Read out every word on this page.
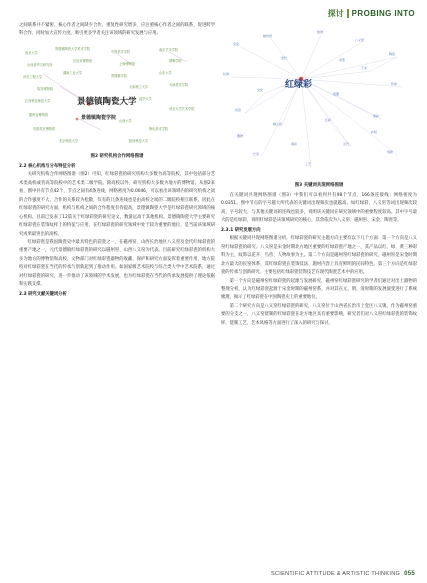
探讨 PROBING INTO

之间联系并不紧密，核心作者之间缺少合作，重复性研究增多，应注重核心作者之间的联系，促进跨学科合作，同时加大宣传力度，吸引更多学者关注该领域的研究发展与应用。

西北大学
景德镇陶瓷大学美术学院
中国美术学院	南京艺术学院
山西省考古研究所
长治市博物馆
上海博物馆
邯郸学院
河北工程大学
湖南工业大学
景德镇学院
山东大学
故宫博物院	太原理工大学	天津美术学院
江西科技师范大学	清华大学
河北大学艺术学院
磁州窑博物馆
山西大学
沈阳故宫博物院	鲁迅美术学院
北京师范大学	陕西科技大学
景德镇陶瓷大学
景德镇陶瓷学院
图2 研究机构合作网络图谱

2.2 核心机构与分布特征分析

关研究机构合作网络图谱（图2）可知，红绿彩瓷的研究机构大多数为高等院校，其中包括部分艺术类高校或者高等院校中的艺术类二级学院。除高校以外，研究机构大多数为地方的博物馆。从图2来看，图中共有节点42个，节点之间有4条连线，网络密度为0.0046，可以看出该领域内的研究机构之间的合作强度不大，合作的关系较为松散，仅有的几条连线也是由高校之间的二级院校相互联系。因此在红绿彩瓷的研究方面，机构与机构之间的合作程度有待提高，景德镇陶瓷大学是红绿彩瓷研究领域的核心机构，目前已发表了12篇关于红绿彩瓷的研究论文，数量远高于其他机构。景德镇陶瓷大学主要研究红绿彩瓷在装饰纹样上的特征与应用，在红绿彩瓷的研究领域中处于较为重要的地位，是当前该领域研究成果最突出的高校。

红绿彩瓷是我国陶瓷史中最具特色的彩瓷之一，在磁州窑、山西长治地区八义窑及金代红绿彩瓷的重要产地之一，元代景德镇红绿彩瓷的研究以磁州窑、山西八义窑为代表。目前研究红绿彩瓷的机构大多为地方的博物馆和高校，文物部门对红绿彩瓷器物的收藏、保护和研究方面发挥着重要作用，地方院校对红绿彩瓷在当代的传承与创新起到了推动作用。如国家级艺术院校与综合类大学中艺术院系，通过对红绿彩瓷的研究，进一步推动了该领域的学术发展，也为红绿彩瓷在当代的传承发展提供了理论依据和实践支撑。

2.3 研究文献关键词分析

宋金
磁州窑
装饰
八义窑
陶瓷
纹饰
传承
民窑
釉上彩
红彩
绿彩
元代
长治
工艺
创新
艺术
瓷器
文化
金代	造型
彩绘
黄彩
器物
红绿彩
图3 关键词共现网络图谱

在关键词共现网络图谱（图3）中我们可以看到共有98个节点、166条连接线；网络密度为0.0351。图中节点的字号越大所代表的关键词出现频次也就越高。如红绿彩、八义窑等词出现频次较高，字号较大，与其他关键词的连线也较多，说明该关键词在研究领域中的重要程度较高。其中字号最大的是红绿彩，说明红绿彩是该领域研究的核心，其余依次为八义窑、磁州窑、宋金、陶瓷等。

2.3.1 研究发展方向

根据关键词共现网络图谱分析，红绿彩瓷的研究主题方向主要有以下几个方面：第一个方向是八义窑红绿彩瓷的研究。八义窑是宋金时期北方地区重要的红绿彩瓷产地之一，其产品以红、绿、黄三种彩料为主，纹饰以花卉、鸟兽、人物故事为主。第二个方向是磁州窑红绿彩瓷的研究，磁州窑是宋金时期北方最大的民窑体系，其红绿彩瓷在装饰技法、题材内容上具有鲜明的民间特色。第三个方向是红绿彩瓷的传承与创新研究，主要包括红绿彩瓷装饰技艺在现代陶瓷艺术中的应用。

第一个方向是磁州窑红绿彩瓷的起源与发展研究，磁州窑红绿彩瓷研究的学者们通过对出土器物的整理分析，认为红绿彩瓷起源于宋金时期的磁州窑系，并对其在元、明、清时期的发展演变进行了系统梳理，揭示了红绿彩瓷在中国陶瓷史上的重要地位。

第二个研究方向是八义窑红绿彩瓷的研究，八义窑位于山西省长治市上党区八义镇，作为磁州窑重要的分支之一，八义窑烧制的红绿彩瓷在北方地区具有重要影响，研究者们对八义窑红绿彩瓷的装饰纹样、烧制工艺、艺术风格等方面进行了深入的研究与探讨。

SCIENTIFIC ATTITUDE & ARTISTIC THINKING 055
